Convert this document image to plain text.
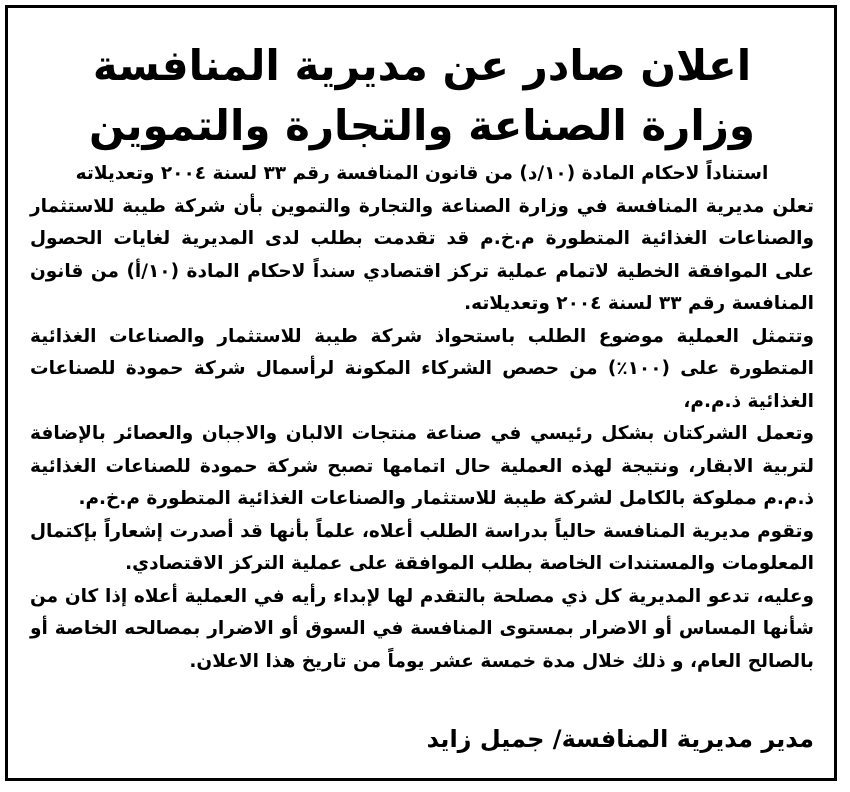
اعلان صادر عن مديرية المنافسة
وزارة الصناعة والتجارة والتموين

استناداً لاحكام المادة (١٠/د) من قانون المنافسة رقم ٣٣ لسنة ٢٠٠٤ وتعديلاته

تعلن مديرية المنافسة في وزارة الصناعة والتجارة والتموين بأن شركة طيبة للاستثمار والصناعات الغذائية المتطورة م.خ.م قد تقدمت بطلب لدى المديرية لغايات الحصول على الموافقة الخطية لاتمام عملية تركز اقتصادي سنداً لاحكام المادة (١٠/أ) من قانون المنافسة رقم ٣٣ لسنة ٢٠٠٤ وتعديلاته.

وتتمثل العملية موضوع الطلب باستحواذ شركة طيبة للاستثمار والصناعات الغذائية المتطورة على (١٠٠٪) من حصص الشركاء المكونة لرأسمال شركة حمودة للصناعات الغذائية ذ.م.م،

وتعمل الشركتان بشكل رئيسي في صناعة منتجات الالبان والاجبان والعصائر بالإضافة لتربية الابقار، ونتيجة لهذه العملية حال اتمامها تصبح شركة حمودة للصناعات الغذائية ذ.م.م مملوكة بالكامل لشركة طيبة للاستثمار والصناعات الغذائية المتطورة م.خ.م.

وتقوم مديرية المنافسة حالياً بدراسة الطلب أعلاه، علماً بأنها قد أصدرت إشعاراً بإكتمال المعلومات والمستندات الخاصة بطلب الموافقة على عملية التركز الاقتصادي.

وعليه، تدعو المديرية كل ذي مصلحة بالتقدم لها لإبداء رأيه في العملية أعلاه إذا كان من شأنها المساس أو الاضرار بمستوى المنافسة في السوق أو الاضرار بمصالحه الخاصة أو بالصالح العام، و ذلك خلال مدة خمسة عشر يوماً من تاريخ هذا الاعلان.

مدير مديرية المنافسة/ جميل زايد
